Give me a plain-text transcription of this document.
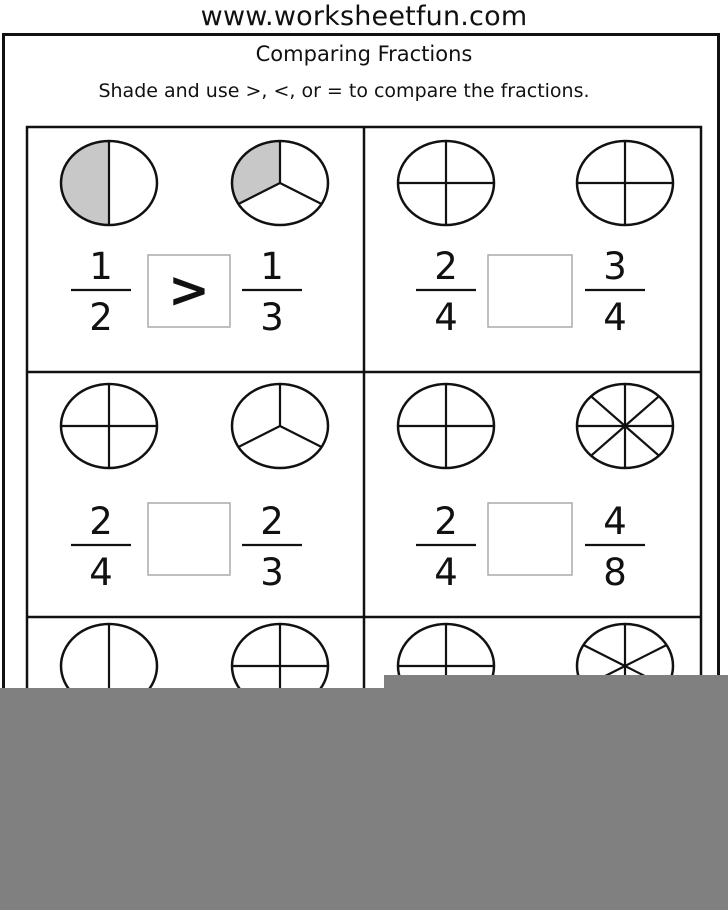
www.worksheetfun.com
Comparing Fractions
Shade and use >, <, or = to compare the fractions.
1
2
1
3
>	2
4
3
4
2
4
2
3
2
4
4
8
